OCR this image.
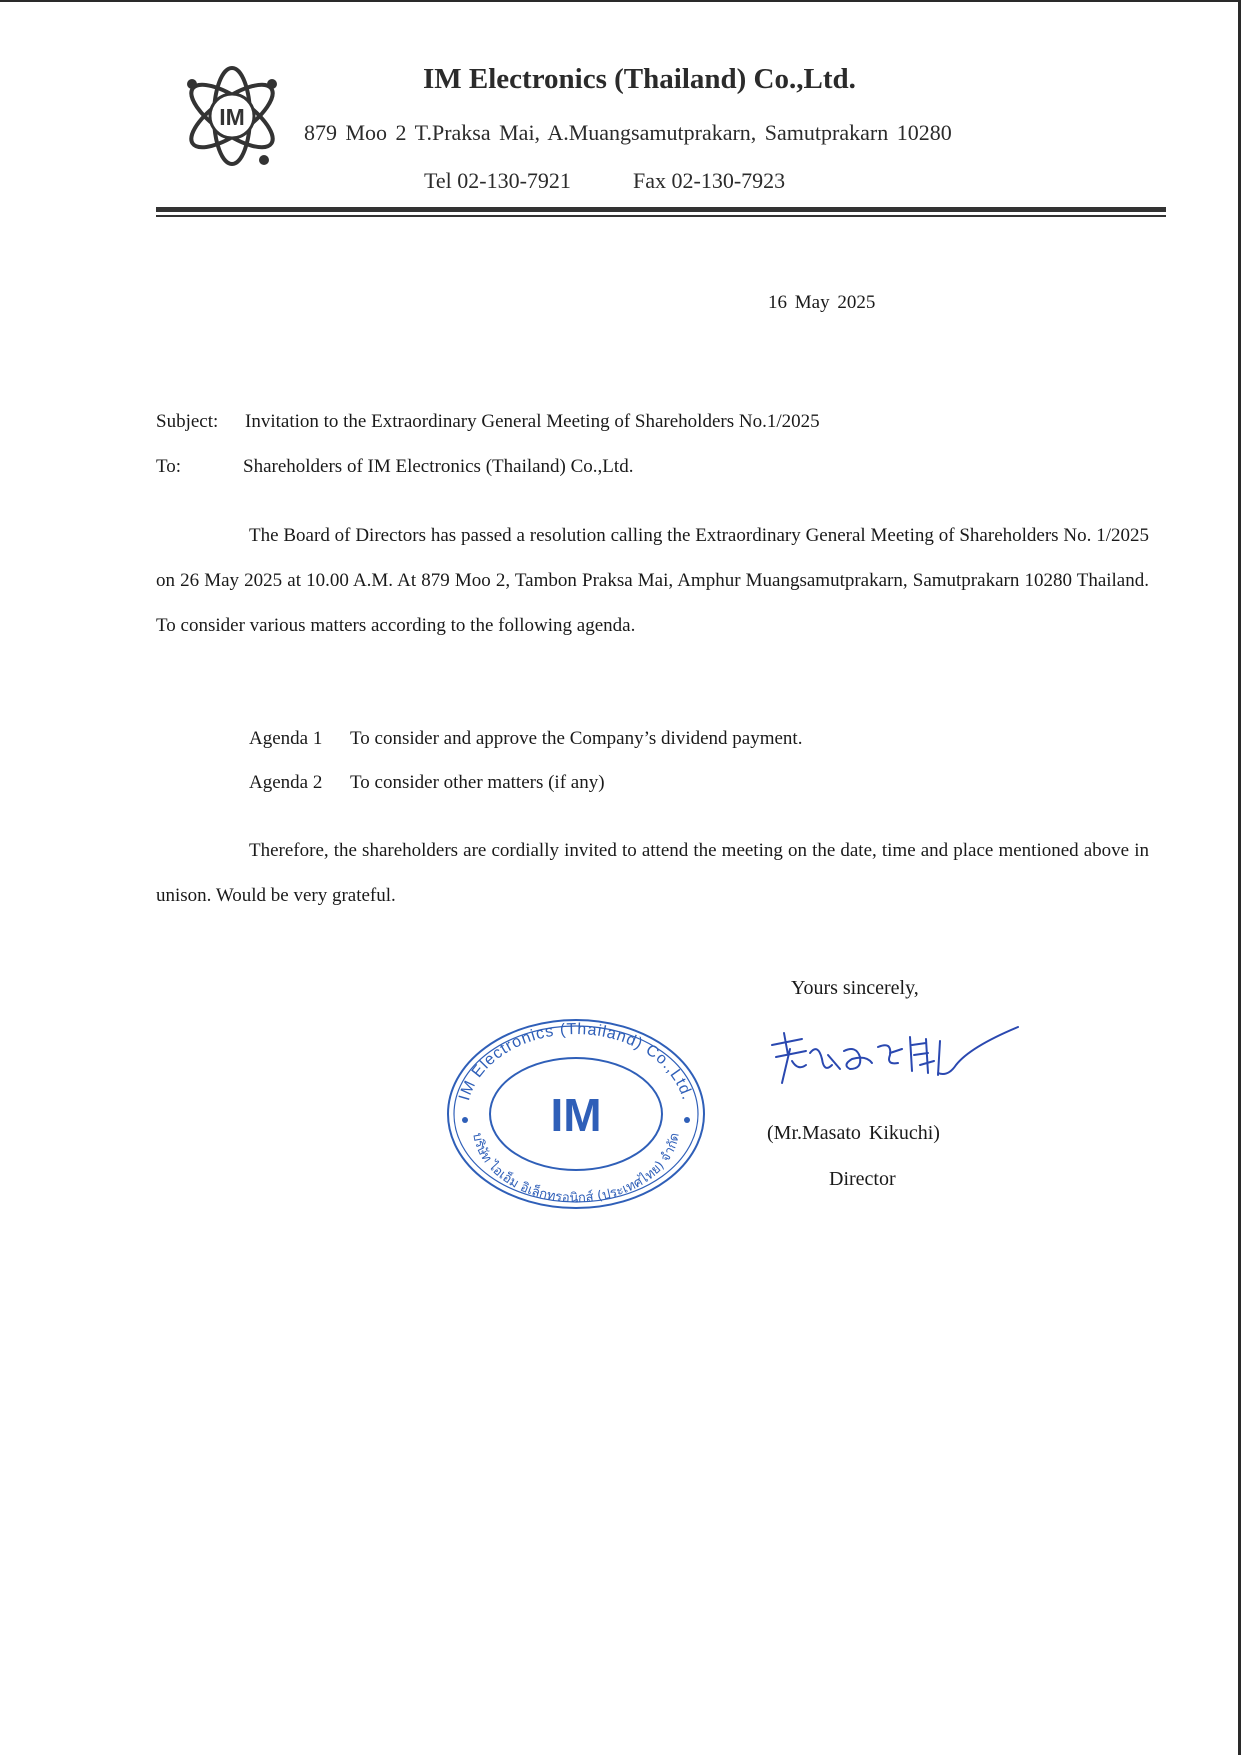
IM
IM Electronics (Thailand) Co.,Ltd.
879 Moo 2 T.Praksa Mai, A.Muangsamutprakarn, Samutprakarn 10280
Tel 02-130-7921	Fax 02-130-7923
16 May 2025
Subject: Invitation to the Extraordinary General Meeting of Shareholders No.1/2025
To:	Shareholders of IM Electronics (Thailand) Co.,Ltd.

The Board of Directors has passed a resolution calling the Extraordinary General Meeting of Shareholders No. 1/2025 on 26 May 2025 at 10.00 A.M. At 879 Moo 2, Tambon Praksa Mai, Amphur Muangsamutprakarn, Samutprakarn 10280 Thailand. To consider various matters according to the following agenda.

Agenda 1 To consider and approve the Company’s dividend payment.
Agenda 2 To consider other matters (if any)

Therefore, the shareholders are cordially invited to attend the meeting on the date, time and place mentioned above in unison. Would be very grateful.

Yours sincerely,
(Mr.Masato Kikuchi)
Director
IM Electronics (Thailand) Co.,Ltd.
บริษัท ไอเอ็ม อิเล็กทรอนิกส์ (ประเทศไทย) จำกัด
IM
